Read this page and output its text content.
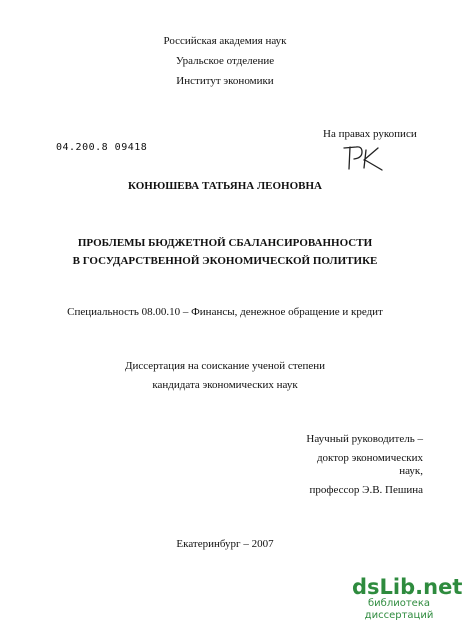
Российская академия наук
Уральское отделение
Институт экономики
04.200.8 09418
На правах рукописи
КОНЮШЕВА ТАТЬЯНА ЛЕОНОВНА
ПРОБЛЕМЫ БЮДЖЕТНОЙ СБАЛАНСИРОВАННОСТИ
В ГОСУДАРСТВЕННОЙ ЭКОНОМИЧЕСКОЙ ПОЛИТИКЕ
Специальность 08.00.10 – Финансы, денежное обращение и кредит
Диссертация на соискание ученой степени
кандидата экономических наук
Научный руководитель –
доктор экономических наук,
профессор Э.В. Пешина
Екатеринбург – 2007
dsLib.net
библиотека диссертаций
